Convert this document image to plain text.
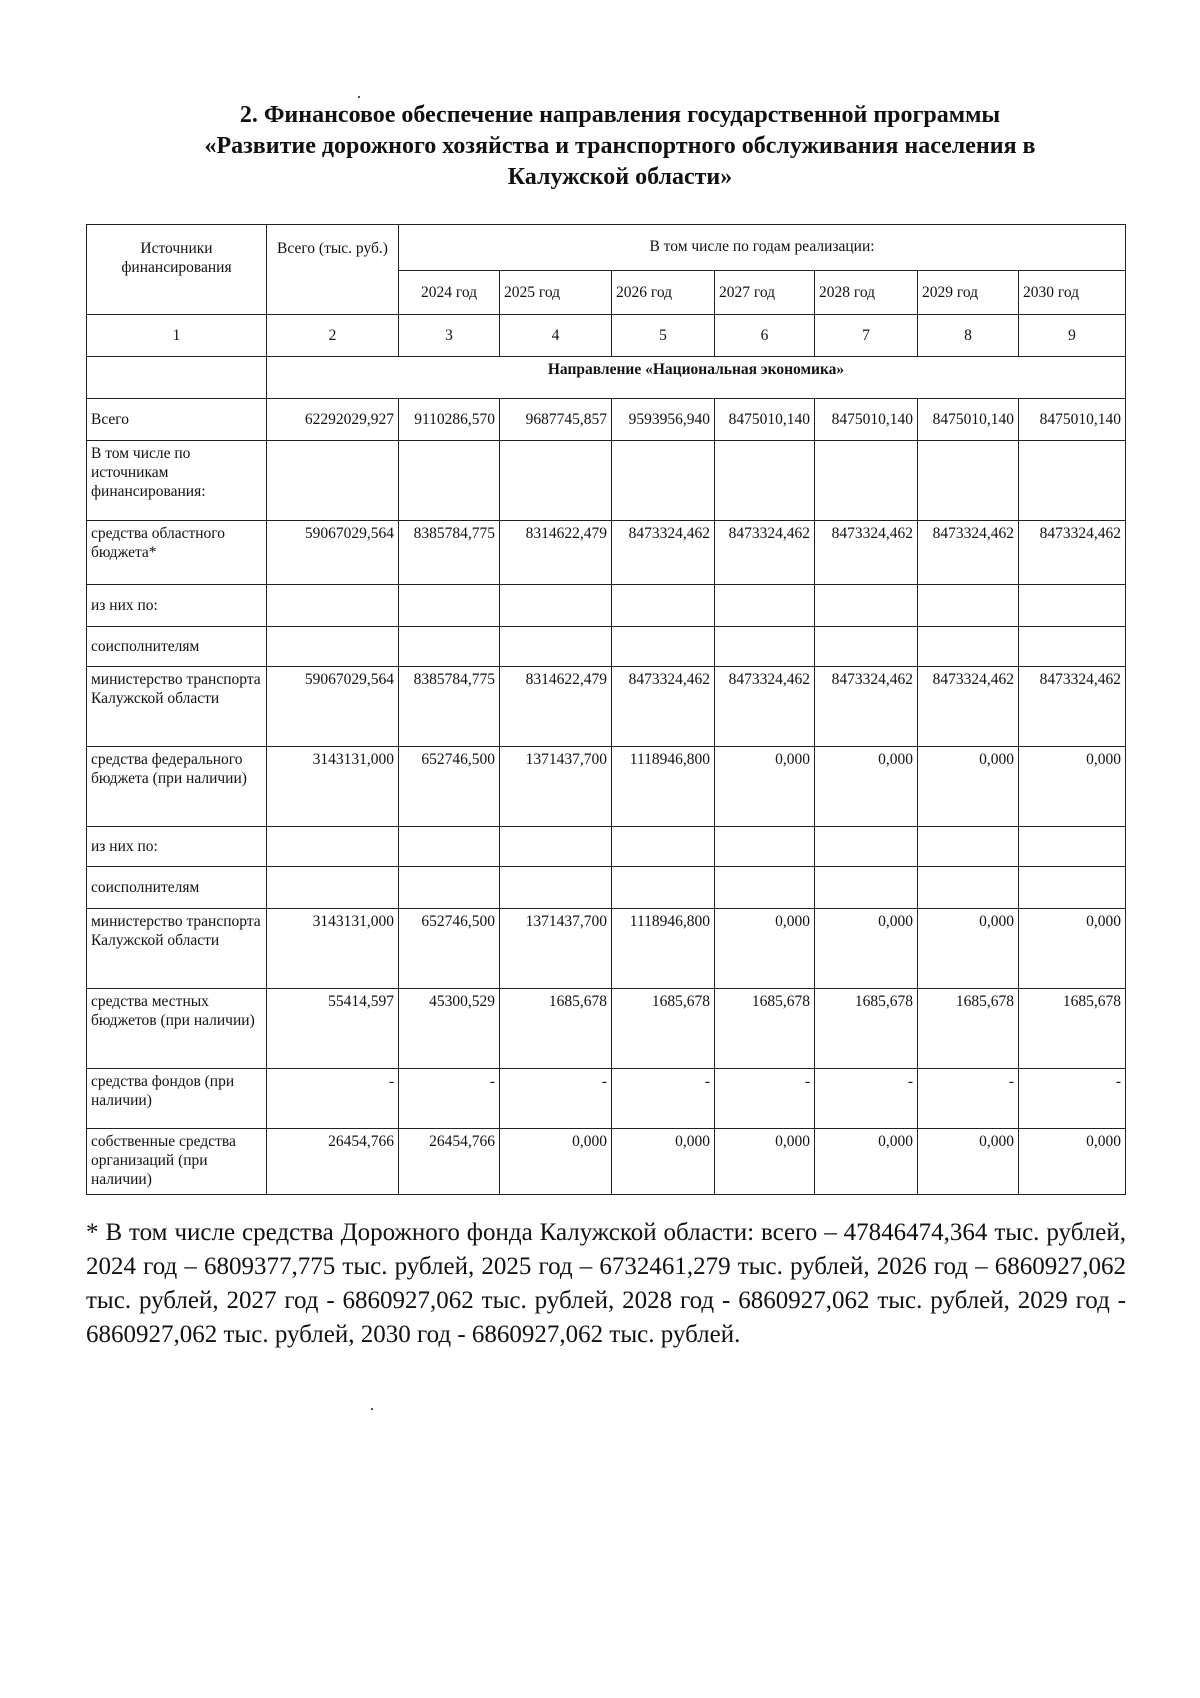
2. Финансовое обеспечение направления государственной программы
«Развитие дорожного хозяйства и транспортного обслуживания населения в
Калужской области»
Источники финансирования	Всего (тыс. руб.)	В том числе по годам реализации:						
		2024 год	2025 год	2026 год	2027 год	2028 год	2029 год	2030 год
1	2	3	4	5	6	7	8	9
	Направление «Национальная экономика»							
Всего	62292029,927	9110286,570	9687745,857	9593956,940	8475010,140	8475010,140	8475010,140	8475010,140
В том числе по источникам финансирования:								
средства областного бюджета*	59067029,564	8385784,775	8314622,479	8473324,462	8473324,462	8473324,462	8473324,462	8473324,462
из них по:								
соисполнителям								
министерство транспорта Калужской области	59067029,564	8385784,775	8314622,479	8473324,462	8473324,462	8473324,462	8473324,462	8473324,462
средства федерального бюджета (при наличии)	3143131,000	652746,500	1371437,700	1118946,800	0,000	0,000	0,000	0,000
из них по:								
соисполнителям								
министерство транспорта Калужской области	3143131,000	652746,500	1371437,700	1118946,800	0,000	0,000	0,000	0,000
средства местных бюджетов (при наличии)	55414,597	45300,529	1685,678	1685,678	1685,678	1685,678	1685,678	1685,678
средства фондов (при наличии)	-	-	-	-	-	-	-	-
собственные средства организаций (при наличии)	26454,766	26454,766	0,000	0,000	0,000	0,000	0,000	0,000
* В том числе средства Дорожного фонда Калужской области: всего – 47846474,364 тыс. рублей, 2024 год – 6809377,775 тыс. рублей, 2025 год – 6732461,279 тыс. рублей, 2026 год – 6860927,062 тыс. рублей, 2027 год - 6860927,062 тыс. рублей, 2028 год - 6860927,062 тыс. рублей, 2029 год - 6860927,062 тыс. рублей, 2030 год - 6860927,062 тыс. рублей.
